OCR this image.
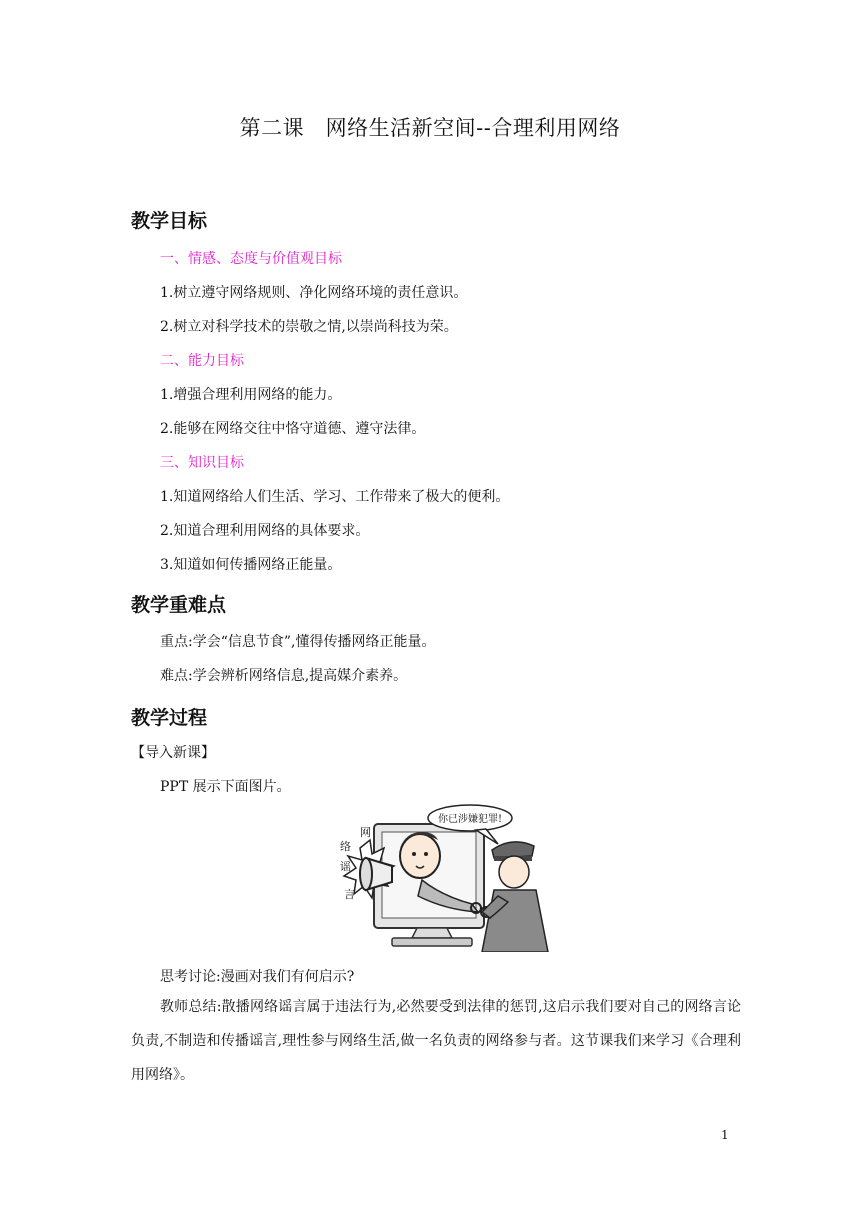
第二课　网络生活新空间--合理利用网络
教学目标
一、情感、态度与价值观目标
1.树立遵守网络规则、净化网络环境的责任意识。
2.树立对科学技术的崇敬之情,以崇尚科技为荣。
二、能力目标
1.增强合理利用网络的能力。
2.能够在网络交往中恪守道德、遵守法律。
三、知识目标
1.知道网络给人们生活、学习、工作带来了极大的便利。
2.知道合理利用网络的具体要求。
3.知道如何传播网络正能量。
教学重难点
重点:学会“信息节食”,懂得传播网络正能量。
难点:学会辨析网络信息,提高媒介素养。
教学过程
【导入新课】
PPT 展示下面图片。
你已涉嫌犯罪!
网
络
谣
言
思考讨论:漫画对我们有何启示?
教师总结:散播网络谣言属于违法行为,必然要受到法律的惩罚,这启示我们要对自己的网络言论负责,不制造和传播谣言,理性参与网络生活,做一名负责的网络参与者。这节课我们来学习《合理利用网络》。
1
